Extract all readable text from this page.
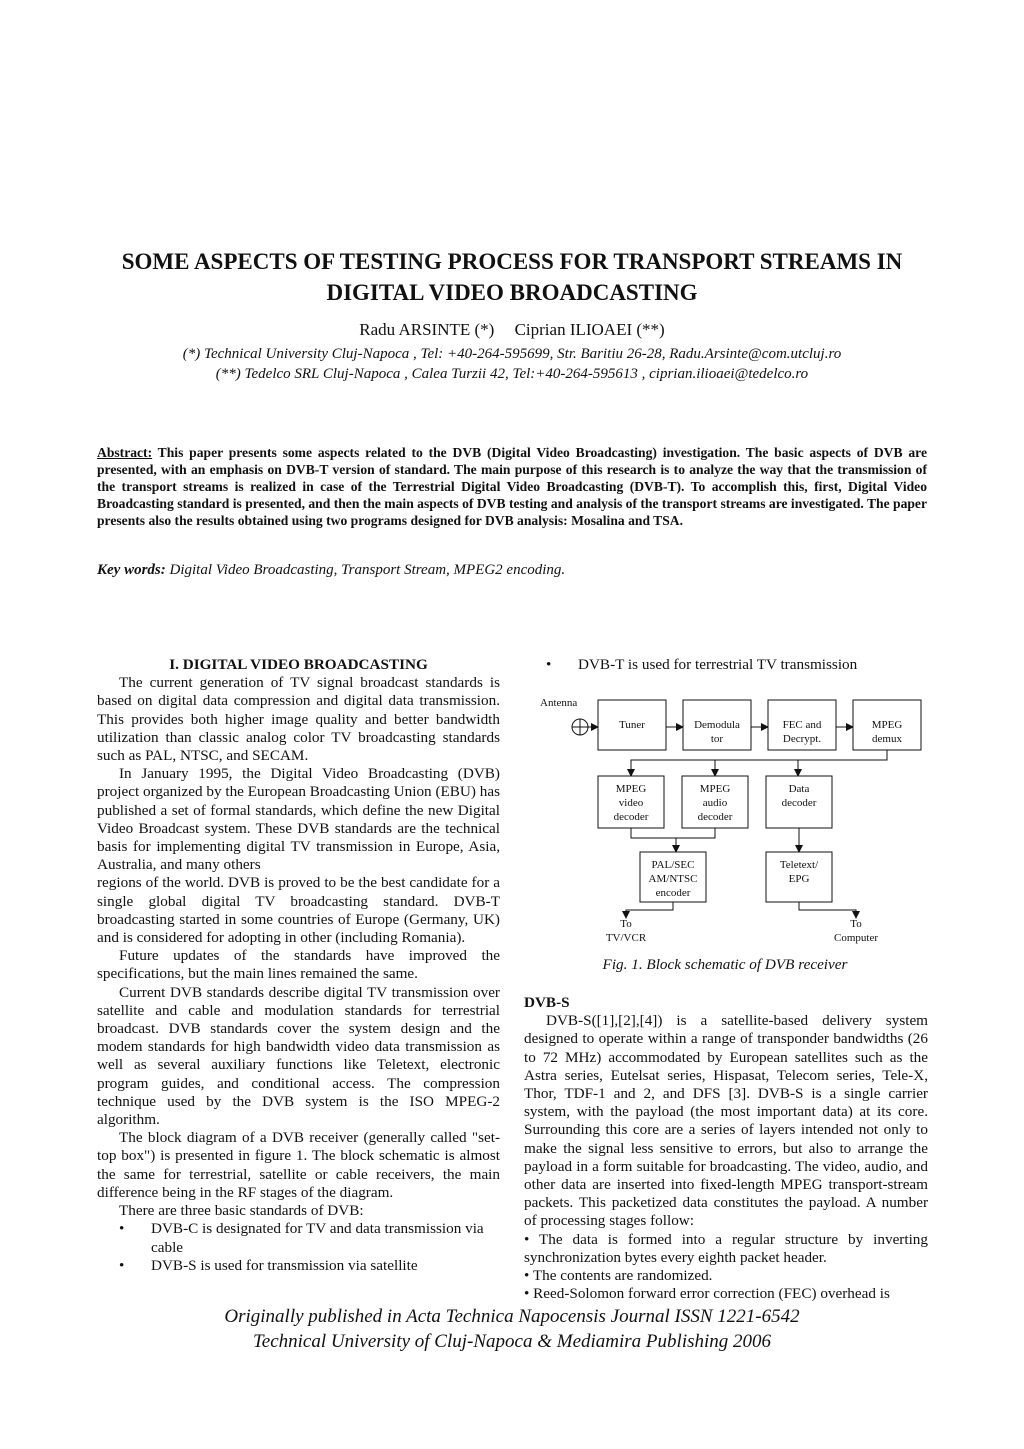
SOME ASPECTS OF TESTING PROCESS FOR TRANSPORT STREAMS IN
DIGITAL VIDEO BROADCASTING
Radu ARSINTE (*) Ciprian ILIOAEI (**)
(*) Technical University Cluj-Napoca , Tel: +40-264-595699, Str. Baritiu 26-28, Radu.Arsinte@com.utcluj.ro
(**) Tedelco SRL Cluj-Napoca , Calea Turzii 42, Tel:+40-264-595613 , ciprian.ilioaei@tedelco.ro
Abstract: This paper presents some aspects related to the DVB (Digital Video Broadcasting) investigation. The basic aspects of DVB are presented, with an emphasis on DVB-T version of standard. The main purpose of this research is to analyze the way that the transmission of the transport streams is realized in case of the Terrestrial Digital Video Broadcasting (DVB-T). To accomplish this, first, Digital Video Broadcasting standard is presented, and then the main aspects of DVB testing and analysis of the transport streams are investigated. The paper presents also the results obtained using two programs designed for DVB analysis: Mosalina and TSA.
Key words: Digital Video Broadcasting, Transport Stream, MPEG2 encoding.
I. DIGITAL VIDEO BROADCASTING

The current generation of TV signal broadcast standards is based on digital data compression and digital data transmission. This provides both higher image quality and better bandwidth utilization than classic analog color TV broadcasting standards such as PAL, NTSC, and SECAM.

In January 1995, the Digital Video Broadcasting (DVB) project organized by the European Broadcasting Union (EBU) has published a set of formal standards, which define the new Digital Video Broadcast system. These DVB standards are the technical basis for implementing digital TV transmission in Europe, Asia, Australia, and many others

regions of the world. DVB is proved to be the best candidate for a single global digital TV broadcasting standard. DVB-T broadcasting started in some countries of Europe (Germany, UK) and is considered for adopting in other (including Romania).

Future updates of the standards have improved the specifications, but the main lines remained the same.

Current DVB standards describe digital TV transmission over satellite and cable and modulation standards for terrestrial broadcast. DVB standards cover the system design and the modem standards for high bandwidth video data transmission as well as several auxiliary functions like Teletext, electronic program guides, and conditional access. The compression technique used by the DVB system is the ISO MPEG-2 algorithm.

The block diagram of a DVB receiver (generally called "set-top box") is presented in figure 1. The block schematic is almost the same for terrestrial, satellite or cable receivers, the main difference being in the RF stages of the diagram.

There are three basic standards of DVB:

• DVB-C is designated for TV and data transmission via cable
• DVB-S is used for transmission via satellite
• DVB-T is used for terrestrial TV transmission
Antenna
Tuner	Demodula
tor
FEC and
Decrypt.
MPEG
demux
MPEG
video
decoder
MPEG
audio
decoder
Data
decoder
PAL/SEC
AM/NTSC
encoder
Teletext/
EPG
To
TV/VCR
To
Computer
Fig. 1. Block schematic of DVB receiver
DVB-S

DVB-S([1],[2],[4]) is a satellite-based delivery system designed to operate within a range of transponder bandwidths (26 to 72 MHz) accommodated by European satellites such as the Astra series, Eutelsat series, Hispasat, Telecom series, Tele-X, Thor, TDF-1 and 2, and DFS [3]. DVB-S is a single carrier system, with the payload (the most important data) at its core. Surrounding this core are a series of layers intended not only to make the signal less sensitive to errors, but also to arrange the payload in a form suitable for broadcasting. The video, audio, and other data are inserted into fixed-length MPEG transport-stream packets. This packetized data constitutes the payload. A number of processing stages follow:

• The data is formed into a regular structure by inverting synchronization bytes every eighth packet header.

• The contents are randomized.

• Reed-Solomon forward error correction (FEC) overhead is

Originally published in Acta Technica Napocensis Journal ISSN 1221-6542
Technical University of Cluj-Napoca & Mediamira Publishing 2006
